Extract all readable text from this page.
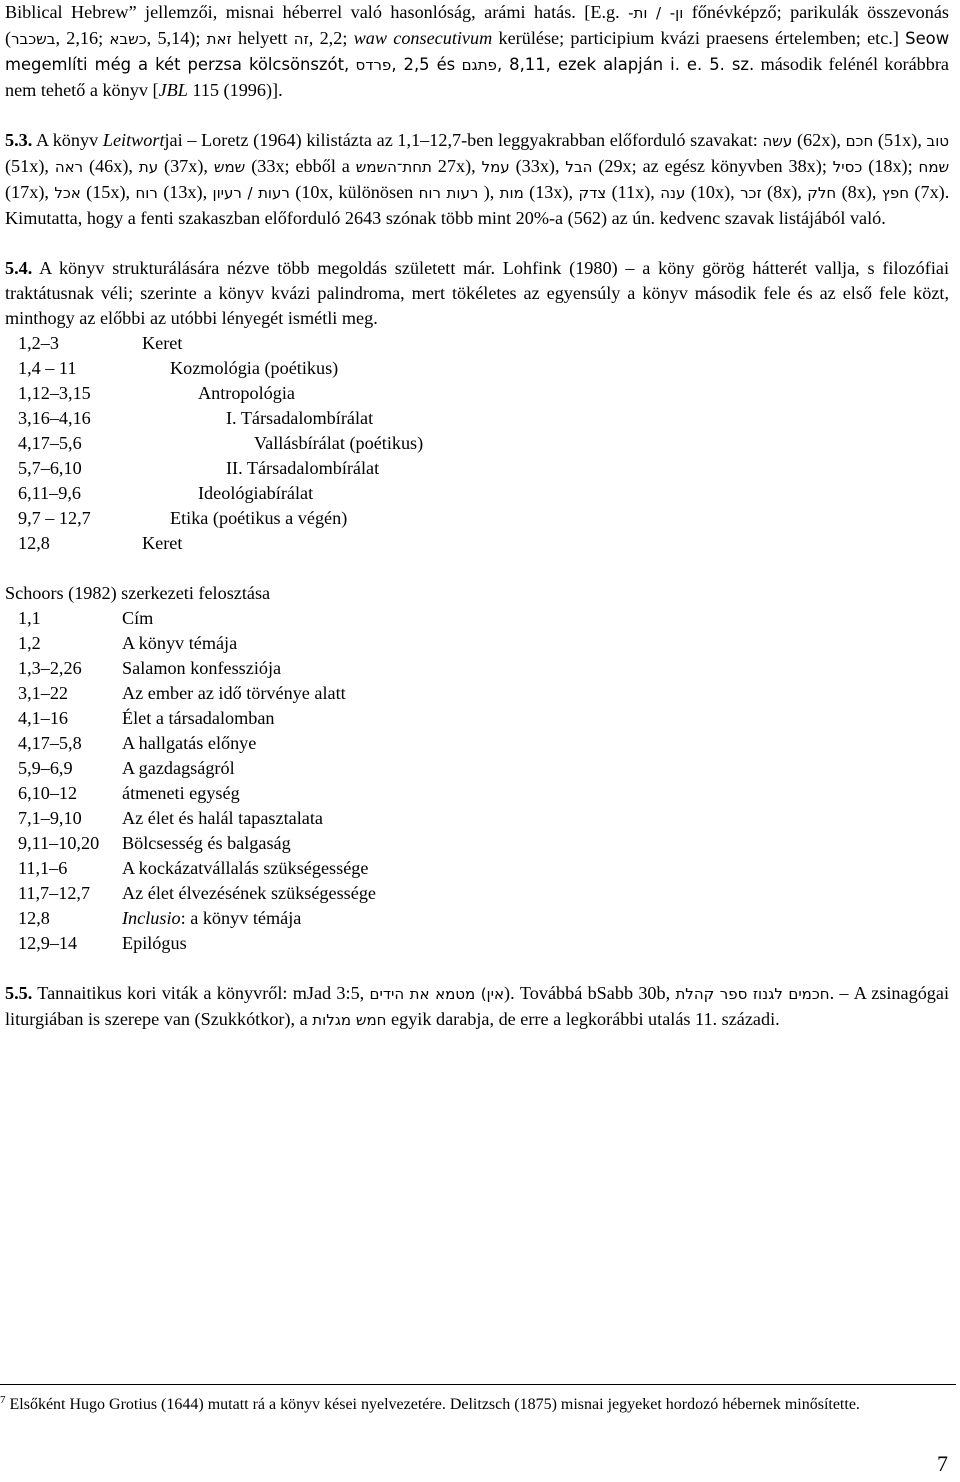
Biblical Hebrew” jellemzői, misnai héberrel való hasonlóság, arámi hatás. [E.g. ון- / ות- főnévképző; parikulák összevonás (בשכבר, 2,16; כשבא, 5,14); זאת helyett זה, 2,2; waw consecutivum kerülése; participium kvázi praesens értelemben; etc.] Seow megemlíti még a két perzsa kölcsönszót, פרדס, 2,5 és פתגם, 8,11, ezek alapján i. e. 5. sz. második felénél korábbra nem tehető a könyv [JBL 115 (1996)].

5.3. A könyv Leitwortjai – Loretz (1964) kilistázta az 1,1–12,7-ben leggyakrabban előforduló szavakat: עשה (62x), חכם (51x), טוב (51x), ראה (46x), עת (37x), שמש (33x; ebből a תחת־השמש 27x), עמל (33x), הבל (29x; az egész könyvben 38x); כסיל (18x); שמח (17x), אכל (15x), רוח (13x), רעות / רעיון (10x, különösen רעות רוח ), מות (13x), צדק (11x), ענה (10x), זכר (8x), חלק (8x), חפץ (7x). Kimutatta, hogy a fenti szakaszban előforduló 2643 szónak több mint 20%-a (562) az ún. kedvenc szavak listájából való.

5.4. A könyv strukturálására nézve több megoldás született már. Lohfink (1980) – a köny görög hátterét vallja, s filozófiai traktátusnak véli; szerinte a könyv kvázi palindroma, mert tökéletes az egyensúly a könyv második fele és az első fele közt, minthogy az előbbi az utóbbi lényegét ismétli meg.

1,2–3	Keret
1,4 – 11	Kozmológia (poétikus)
1,12–3,15	Antropológia
3,16–4,16	I. Társadalombírálat
4,17–5,6	Vallásbírálat (poétikus)
5,7–6,10	II. Társadalombírálat
6,11–9,6	Ideológiabírálat
9,7 – 12,7	Etika (poétikus a végén)
12,8	Keret

Schoors (1982) szerkezeti felosztása

1,1	Cím
1,2	A könyv témája
1,3–2,26	Salamon konfessziója
3,1–22	Az ember az idő törvénye alatt
4,1–16	Élet a társadalomban
4,17–5,8	A hallgatás előnye
5,9–6,9	A gazdagságról
6,10–12	átmeneti egység
7,1–9,10	Az élet és halál tapasztalata
9,11–10,20	Bölcsesség és balgaság
11,1–6	A kockázatvállalás szükségessége
11,7–12,7	Az élet élvezésének szükségessége
12,8	Inclusio: a könyv témája
12,9–14	Epilógus

5.5. Tannaitikus kori viták a könyvről: mJad 3:5, אין) מטמא את הידים). Továbbá bSabb 30b, חכמים לגנוז ספר קהלת. – A zsinagógai liturgiában is szerepe van (Szukkótkor), a חמש מגלות egyik darabja, de erre a legkorábbi utalás 11. századi.

$^7$ Elsőként Hugo Grotius (1644) mutatt rá a könyv kései nyelvezetére. Delitzsch (1875) misnai jegyeket hordozó hébernek minősítette.
7
